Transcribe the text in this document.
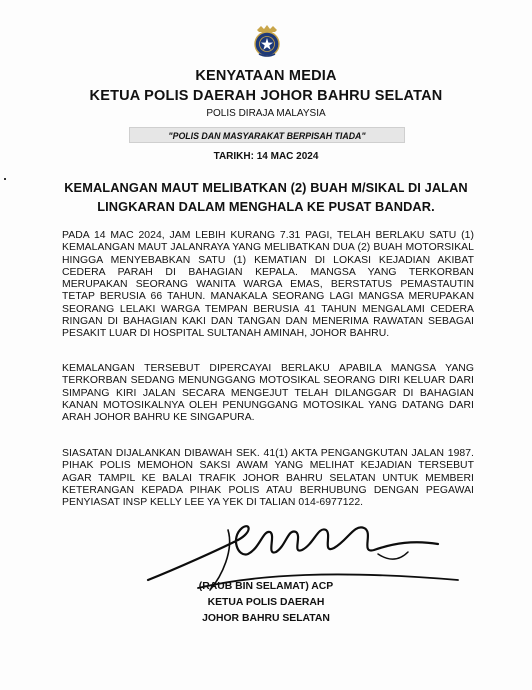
KENYATAAN MEDIA
KETUA POLIS DAERAH JOHOR BAHRU SELATAN
POLIS DIRAJA MALAYSIA
"POLIS DAN MASYARAKAT BERPISAH TIADA"
TARIKH: 14 MAC 2024
KEMALANGAN MAUT MELIBATKAN (2) BUAH M/SIKAL DI JALAN
LINGKARAN DALAM MENGHALA KE PUSAT BANDAR.
PADA 14 MAC 2024, JAM LEBIH KURANG 7.31 PAGI, TELAH BERLAKU SATU (1) KEMALANGAN MAUT JALANRAYA YANG MELIBATKAN DUA (2) BUAH MOTORSIKAL HINGGA MENYEBABKAN SATU (1) KEMATIAN DI LOKASI KEJADIAN AKIBAT CEDERA PARAH DI BAHAGIAN KEPALA. MANGSA YANG TERKORBAN MERUPAKAN SEORANG WANITA WARGA EMAS, BERSTATUS PEMASTAUTIN TETAP BERUSIA 66 TAHUN. MANAKALA SEORANG LAGI MANGSA MERUPAKAN SEORANG LELAKI WARGA TEMPAN BERUSIA 41 TAHUN MENGALAMI CEDERA RINGAN DI BAHAGIAN KAKI DAN TANGAN DAN MENERIMA RAWATAN SEBAGAI PESAKIT LUAR DI HOSPITAL SULTANAH AMINAH, JOHOR BAHRU.
KEMALANGAN TERSEBUT DIPERCAYAI BERLAKU APABILA MANGSA YANG TERKORBAN SEDANG MENUNGGANG MOTOSIKAL SEORANG DIRI KELUAR DARI SIMPANG KIRI JALAN SECARA MENGEJUT TELAH DILANGGAR DI BAHAGIAN KANAN MOTOSIKALNYA OLEH PENUNGGANG MOTOSIKAL YANG DATANG DARI ARAH JOHOR BAHRU KE SINGAPURA.
SIASATAN DIJALANKAN DIBAWAH SEK. 41(1) AKTA PENGANGKUTAN JALAN 1987. PIHAK POLIS MEMOHON SAKSI AWAM YANG MELIHAT KEJADIAN TERSEBUT AGAR TAMPIL KE BALAI TRAFIK JOHOR BAHRU SELATAN UNTUK MEMBERI KETERANGAN KEPADA PIHAK POLIS ATAU BERHUBUNG DENGAN PEGAWAI PENYIASAT INSP KELLY LEE YA YEK DI TALIAN 014-6977122.
(RAUB BIN SELAMAT) ACP
KETUA POLIS DAERAH
JOHOR BAHRU SELATAN
